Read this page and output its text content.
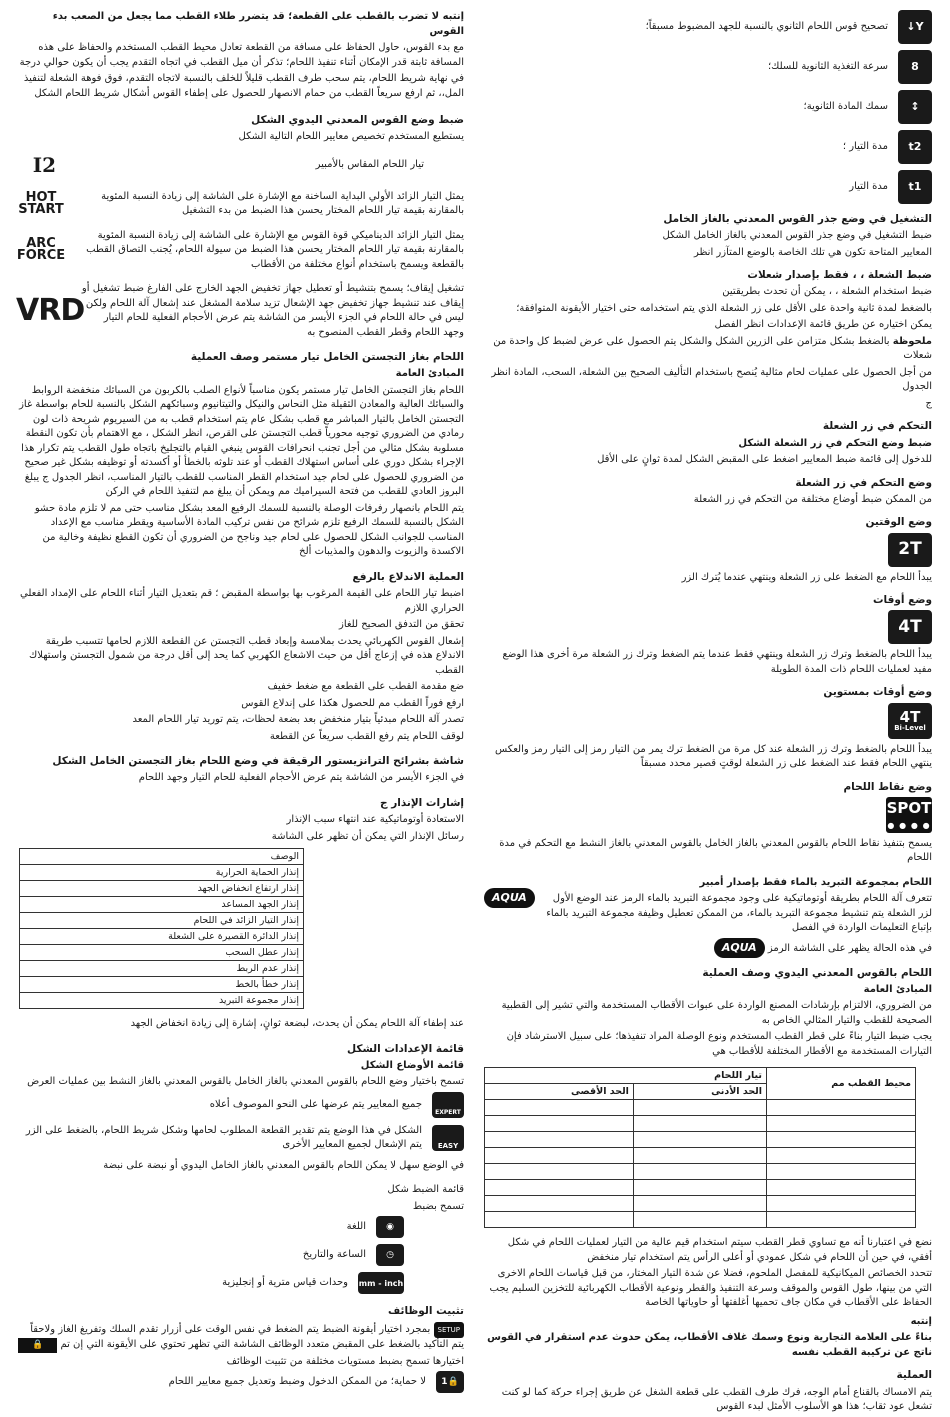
Y↓
تصحيح قوس اللحام الثانوي بالنسبة للجهد المضبوط مسبقاً؛
8
سرعة التغذية الثانوية للسلك؛
↕
سمك المادة الثانوية؛
t2
مدة التيار ؛
t1
مدة التيار

التشغيل في وضع جذر القوس المعدني بالغاز الخامل

ضبط التشغيل في وضع جذر القوس المعدني بالغاز الخامل الشكل

المعايير المتاحة تكون هي تلك الخاصة بالوضع المتآزر انظر

ضبط الشعلة ، ، فقط بإصدار شعلات

ضبط استخدام الشعلة ، ، يمكن أن تحدث بطريقتين

بالضغط لمدة ثانية واحدة على الأقل على زر الشعلة الذي يتم استخدامه حتى اختيار الأيقونة المتوافقة؛

يمكن اختياره عن طريق قائمة الإعدادات انظر الفصل

ملحوظة بالضغط بشكل متزامن على الزرين الشكل والشكل يتم الحصول على عرض لضبط كل واحدة من شعلات

من أجل الحصول على عمليات لحام مثالية يُنصح باستخدام التأليف الصحيح بين الشعلة، السحب، المادة انظر الجدول

ج

التحكم في زر الشعلة

ضبط وضع التحكم في زر الشعلة الشكل

للدخول إلى قائمة ضبط المعايير اضغط على المقبض الشكل لمدة ثوانٍ على الأقل

وضع التحكم في زر الشعلة

من الممكن ضبط أوضاع مختلفة من التحكم في زر الشعلة

وضع الوقتين

2T

يبدأ اللحام مع الضغط على زر الشعلة وينتهي عندما يُترك الزر

وضع أوقات

4T

يبدأ اللحام بالضغط وترك زر الشعلة وينتهي فقط عندما يتم الضغط وترك زر الشعلة مرة أخرى هذا الوضع مفيد لعمليات اللحام ذات المدة الطويلة

وضع أوقات بمستوين

4T
Bi-Level

يبدأ اللحام بالضغط وترك زر الشعلة عند كل مرة من الضغط ترك يمر من التيار رمز إلى التيار رمز والعكس ينتهي اللحام فقط عند الضغط على زر الشعلة لوقتٍ قصير محدد مسبقاً

وضع نقاط اللحام

SPOT
● ● ● ●

يسمح بتنفيذ نقاط اللحام بالقوس المعدني بالغاز الخامل بالقوس المعدني بالغاز النشط مع التحكم في مدة اللحام

اللحام بمجموعة التبريد بالماء فقط بإصدار أمبير

تتعرف آلة اللحام بطريقة أوتوماتيكية على وجود مجموعة التبريد بالماء الرمز عند الوضع الأول لزر الشعلة يتم تنشيط مجموعة التبريد بالماء، من الممكن تعطيل وظيفة مجموعة التبريد بالماء بإتباع التعليمات الواردة في الفصل

AQUA

في هذه الحالة يظهر على الشاشة الرمز AQUA

اللحام بالقوس المعدني اليدوي وصف العملية

المبادئ العامة

من الضروري، الالتزام بإرشادات المصنع الواردة على عبوات الأقطاب المستخدمة والتي تشير إلى القطبية الصحيحة للقطب والتيار المثالي الخاص به

يجب ضبط التيار بناءً على قطر القطب المستخدم ونوع الوصلة المراد تنفيذها؛ على سبيل الاسترشاد فإن التيارات المستخدمة مع الأقطار المختلفة للأقطاب هي

محيط القطب مم	تيار اللحام	
	الحد الأدنى	الحد الأقصى

نضع في اعتبارنا أنه مع تساوي قطر القطب سيتم استخدام قيم عالية من التيار لعمليات اللحام في شكل أفقي، في حين أن اللحام في شكل عمودي أو أعلى الرأس يتم استخدام تيار منخفض

تتحدد الخصائص الميكانيكية للمفصل الملحوم، فضلا عن شدة التيار المختار، من قبل قياسات اللحام الاخرى التي من بينها، طول القوس والموقف وسرعة التنفيذ والقطر ونوعية الأقطاب الكهربائية للتخزين السليم يجب الحفاظ على الأقطاب في مكان جاف تحميها أغلفتها أو حاوياتها الخاصة

إنتبه

بناءً على العلامة التجارية ونوع وسمك غلاف الأقطاب، يمكن حدوث عدم استقرار في القوس ناتج عن تركيبة القطب نفسه

العملية

يتم الامساك بالقناع أمام الوجه، فرك طرف القطب على قطعة الشغل عن طريق إجراء حركة كما لو كنت تشعل عود ثقاب؛ هذا هو الأسلوب الأمثل لبدء القوس

إنتبه لا تضرب بالقطب على القطعة؛ قد يتضرر طلاء القطب مما يجعل من الصعب بدء القوس

مع بدء القوس، حاول الحفاظ على مسافة من القطعة تعادل محيط القطب المستخدم والحفاظ على هذه المسافة ثابتة قدر الإمكان أثناء تنفيذ اللحام؛ تذكر أن ميل القطب في اتجاه التقدم يجب أن يكون حوالي درجة

في نهاية شريط اللحام، يتم سحب طرف القطب قليلاً للخلف بالنسبة لاتجاه التقدم، فوق فوهة الشعلة لتنفيذ المل،، ثم ارفع سريعاً القطب من حمام الانصهار للحصول على إطفاء القوس أشكال شريط اللحام الشكل

ضبط وضع القوس المعدني اليدوي الشكل

يستطيع المستخدم تخصيص معايير اللحام التالية الشكل

تيار اللحام المقاس بالأمبير
I2
يمثل التيار الزائد الأولي البداية الساخنة مع الإشارة على الشاشة إلى زيادة النسبة المئوية بالمقارنة بقيمة تيار اللحام المختار يحسن هذا الضبط من بدء التشغيل
HOT
START
يمثل التيار الزائد الديناميكي قوة القوس مع الإشارة على الشاشة إلى زيادة النسبة المئوية بالمقارنة بقيمة تيار اللحام المختار يحسن هذا الضبط من سيولة اللحام، يُجنب التصاق القطب بالقطعة ويسمح باستخدام أنواع مختلفة من الأقطاب
ARC
FORCE
تشغيل إيقاف؛ يسمح بتنشيط أو تعطيل جهاز تخفيض الجهد الخارج على الفارغ ضبط تشغيل أو إيقاف عند تنشيط جهاز تخفيض جهد الإشعال تزيد سلامة المشغل عند إشعال آلة اللحام ولكن ليس في حالة اللحام في الجزء الأيسر من الشاشة يتم عرض الأحجام الفعلية للحام التيار وجهد اللحام وقطر القطب المنصوح به
VRD

اللحام بغاز التجستن الخامل تيار مستمر وصف العملية

المبادئ العامة

اللحام بغاز التجستن الخامل تيار مستمر يكون مناسباً لأنواع الصلب بالكربون من السبائك منخفضة الروابط والسبائك العالية والمعادن الثقيلة مثل النحاس والنيكل والتيتانيوم وسبائكهم الشكل بالنسبة للحام بواسطة غاز التجستن الخامل بالتيار المباشر مع قطب بشكل عام يتم استخدام قطب به من السيريوم شريحة ذات لون رمادي من الضروري توجيه محورياً قطب التجستن على القرص، انظر الشكل ، مع الاهتمام بأن تكون النقطة مسلوبة بشكل مثالي من أجل تجنب انحرافات القوس ينبغي القيام بالتجليخ باتجاه طول القطب يتم تكرار هذا الإجراء بشكل دوري على أساس استهلاك القطب أو عند تلوثه بالخطأ أو أكسدته أو توظيفه بشكل غير صحيح من الضروري للحصول على لحام جيد استخدام القطر المناسب للقطب بالتيار المناسب، انظر الجدول ج يبلغ البروز العادي للقطب من فتحة السيراميك مم ويمكن أن يبلغ مم لتنفيذ اللحام في الركن

يتم اللحام بانصهار رفرفات الوصلة بالنسبة للسمك الرفيع المعد بشكل مناسب حتى مم لا تلزم مادة حشو الشكل بالنسبة للسمك الرفيع تلزم شرائح من نفس تركيب المادة الأساسية ويقطر مناسب مع الإعداد المناسب للجوانب الشكل للحصول على لحام جيد وناجح من الضروري أن تكون القطع نظيفة وخالية من الاكسدة والزيوت والدهون والمذيبات ألخ

العملية الاندلاع بالرفع

اضبط تيار اللحام على القيمة المرغوب بها بواسطة المقبض ؛ قم بتعديل التيار أثناء اللحام على الإمداد الفعلي الحراري اللازم

تحقق من التدفق الصحيح للغاز

إشعال القوس الكهربائي يحدث بملامسة وإبعاد قطب التجستن عن القطعة اللازم لحامها تتسبب طريقة الاندلاع هذه في إزعاج أقل من حيث الاشعاع الكهربي كما يحد إلى أقل درجة من شمول التجستن واستهلاك القطب

ضع مقدمة القطب على القطعة مع ضغط خفيف

ارفع فوراً القطب مم للحصول هكذا على إندلاع القوس

تصدر آلة اللحام مبدئياً بتيار منخفض بعد بضعة لحظات، يتم توريد تيار اللحام المعد

لوقف اللحام يتم رفع القطب سريعاً عن القطعة

شاشة بشرائح الترانزيستور الرقيقة في وضع اللحام بغاز التجستن الخامل الشكل

في الجزء الأيسر من الشاشة يتم عرض الأحجام الفعلية للحام التيار وجهد اللحام

إشارات الإنذار ج

الاستعادة أوتوماتيكية عند انتهاء سبب الإنذار

رسائل الإنذار التي يمكن أن تظهر على الشاشة

الوصف
إنذار الحماية الحرارية
إنذار ارتفاع انخفاض الجهد
إنذار الجهد المساعد
إنذار التيار الزائد في اللحام
إنذار الدائرة القصيرة على الشعلة
إنذار عطل السحب
إنذار عدم الربط
إنذار خطأ بالخط
إنذار مجموعة التبريد

عند إطفاء آلة اللحام يمكن أن يحدث، لبضعة ثوانٍ، إشارة إلى زيادة انخفاض الجهد

قائمة الإعدادات الشكل

قائمة الأوضاع الشكل

تسمح باختيار وضع اللحام بالقوس المعدني بالغاز الخامل بالقوس المعدني بالغاز النشط بين عمليات العرض

EXPERT
جميع المعايير يتم عرضها على النحو الموصوف أعلاه
EASY
الشكل في هذا الوضع يتم تقدير القطعة المطلوب لحامها وشكل شريط اللحام، بالضغط على الزر يتم الإشعال لجميع المعايير الأخرى

في الوضع سهل لا يمكن اللحام بالقوس المعدني بالغاز الخامل اليدوي أو نبضة على نبضة

قائمة الضبط شكل

تسمح بضبط

◉
اللغة
◷
الساعة والتاريخ
mm - inch
وحدات قياس مترية أو إنجليزية

تثبيت الوظائف

SETUP بمجرد اختيار أيقونة الضبط يتم الضغط في نفس الوقت على أزرار تقدم السلك وتفريغ الغاز ولاحقاً يتم التأكيد بالضغط على المقبض متعدد الوظائف الشاشة التي تظهر تحتوي على الأيقونة التي إن تم 🔒

اختيارها تسمح بضبط مستويات مختلفة من تثبيت الوظائف

🔒1
لا حماية؛ من الممكن الدخول وضبط وتعديل جميع معايير اللحام
